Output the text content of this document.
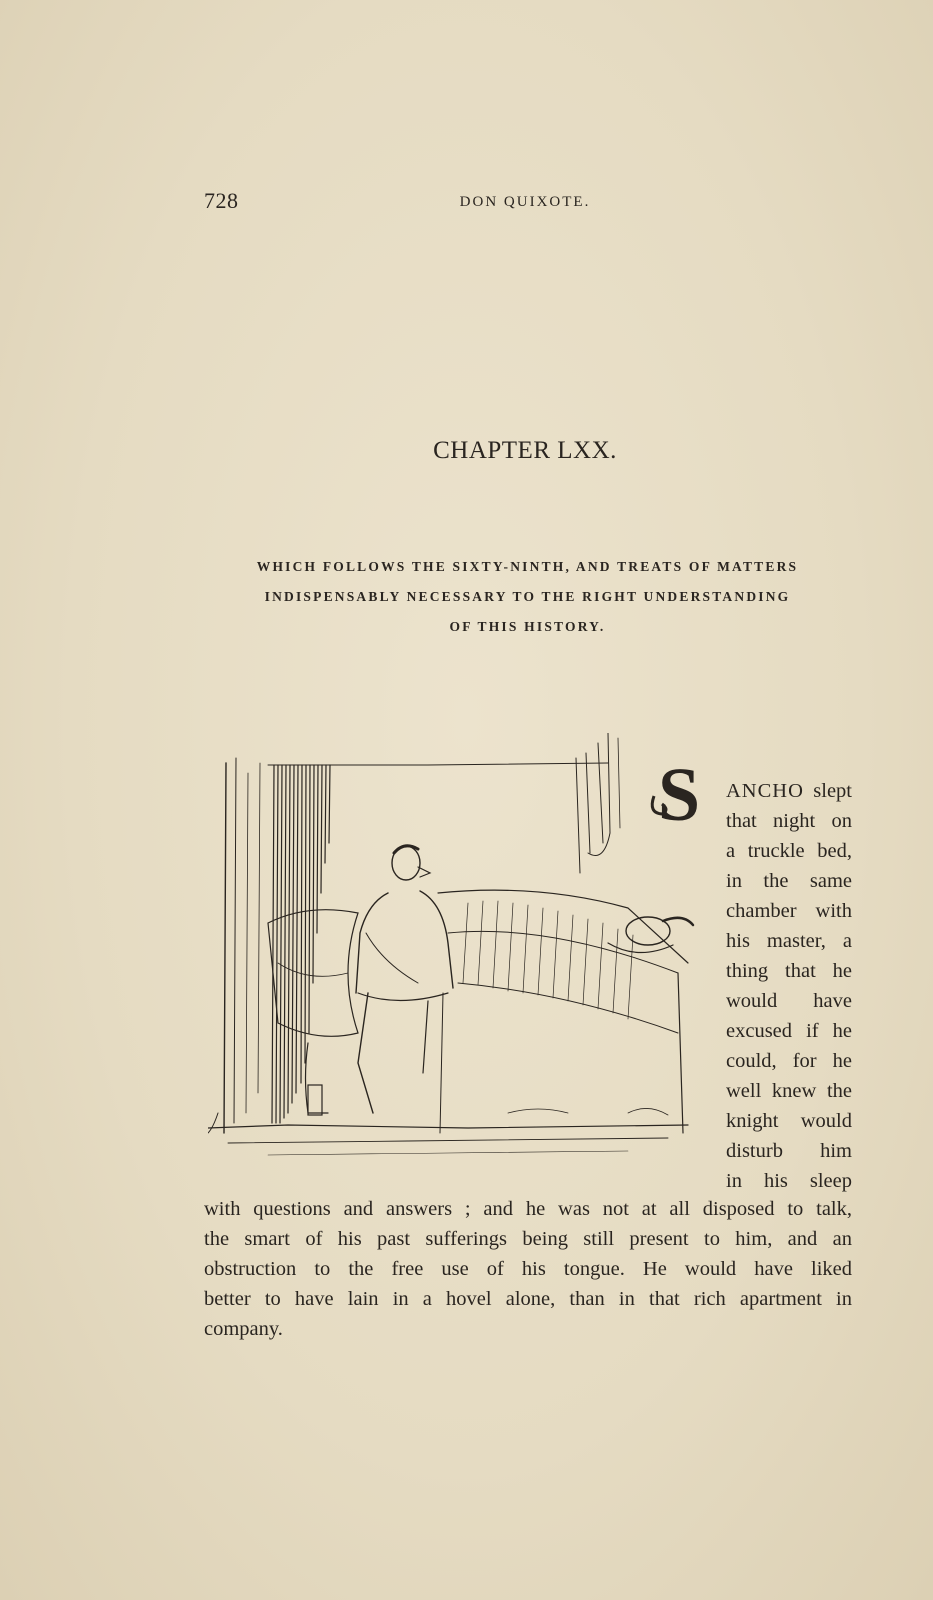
728	DON QUIXOTE.
CHAPTER LXX.
WHICH FOLLOWS THE SIXTY-NINTH, AND TREATS OF MATTERS
INDISPENSABLY NECESSARY TO THE RIGHT UNDERSTANDING
OF THIS HISTORY.
S ANCHO slept
that night on
a truckle bed,
in the same
chamber with
his master, a
thing that he
would have
excused if he
could, for he
well knew the
knight would
disturb him
in his sleep
with questions and answers ; and he was not at all disposed to talk,
the smart of his past sufferings being still present to him, and an
obstruction to the free use of his tongue. He would have liked
better to have lain in a hovel alone, than in that rich apartment in
company.
